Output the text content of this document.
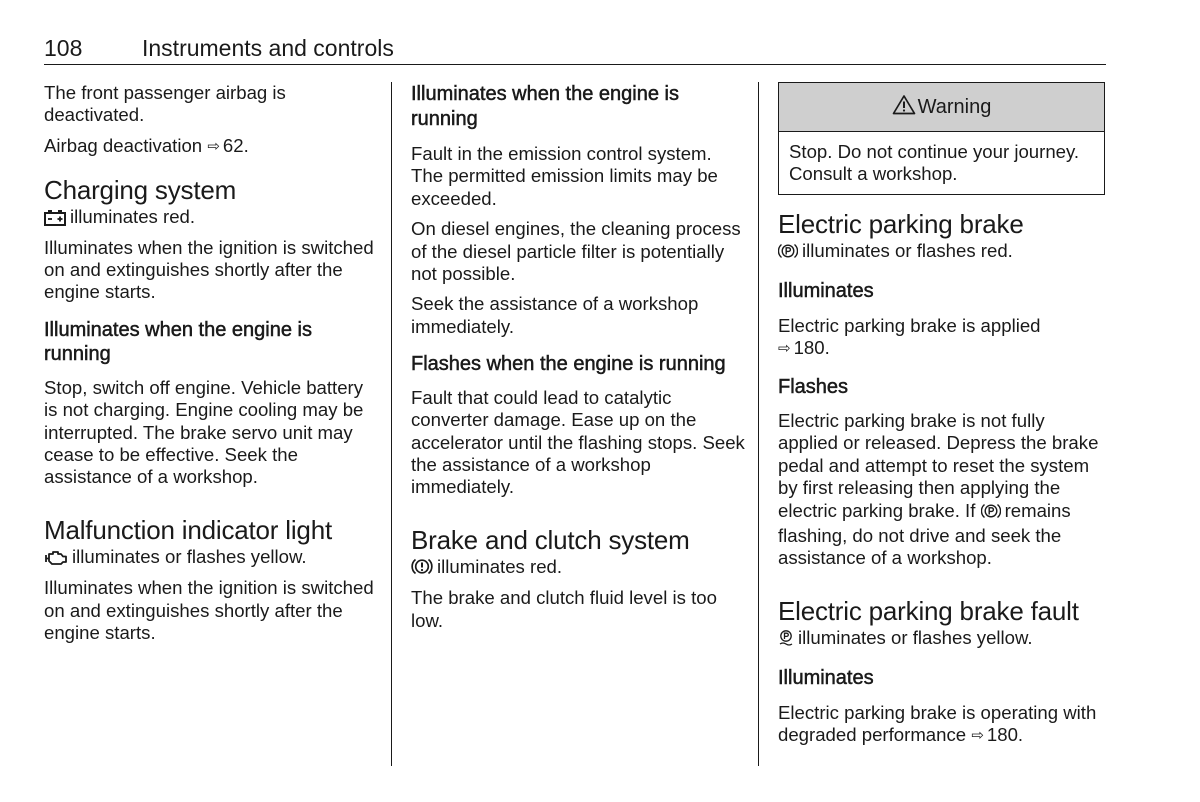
108	Instruments and controls

The front passenger airbag is deactivated.

Airbag deactivation ⇨ 62.

Charging system

illuminates red.

Illuminates when the ignition is switched on and extinguishes shortly after the engine starts.

Illuminates when the engine is running

Stop, switch off engine. Vehicle battery is not charging. Engine cooling may be interrupted. The brake servo unit may cease to be effective. Seek the assistance of a workshop.

Malfunction indicator light

illuminates or flashes yellow.

Illuminates when the ignition is switched on and extinguishes shortly after the engine starts.

Illuminates when the engine is running

Fault in the emission control system. The permitted emission limits may be exceeded.

On diesel engines, the cleaning process of the diesel particle filter is potentially not possible.

Seek the assistance of a workshop immediately.

Flashes when the engine is running

Fault that could lead to catalytic converter damage. Ease up on the accelerator until the flashing stops. Seek the assistance of a workshop immediately.

Brake and clutch system

illuminates red.

The brake and clutch fluid level is too low.

Warning

Stop. Do not continue your journey. Consult a workshop.

Electric parking brake

illuminates or flashes red.

Illuminates

Electric parking brake is applied
⇨ 180.

Flashes

Electric parking brake is not fully applied or released. Depress the brake pedal and attempt to reset the system by first releasing then applying the electric parking brake. If remains flashing, do not drive and seek the assistance of a workshop.

Electric parking brake fault

illuminates or flashes yellow.

Illuminates

Electric parking brake is operating with degraded performance ⇨ 180.
